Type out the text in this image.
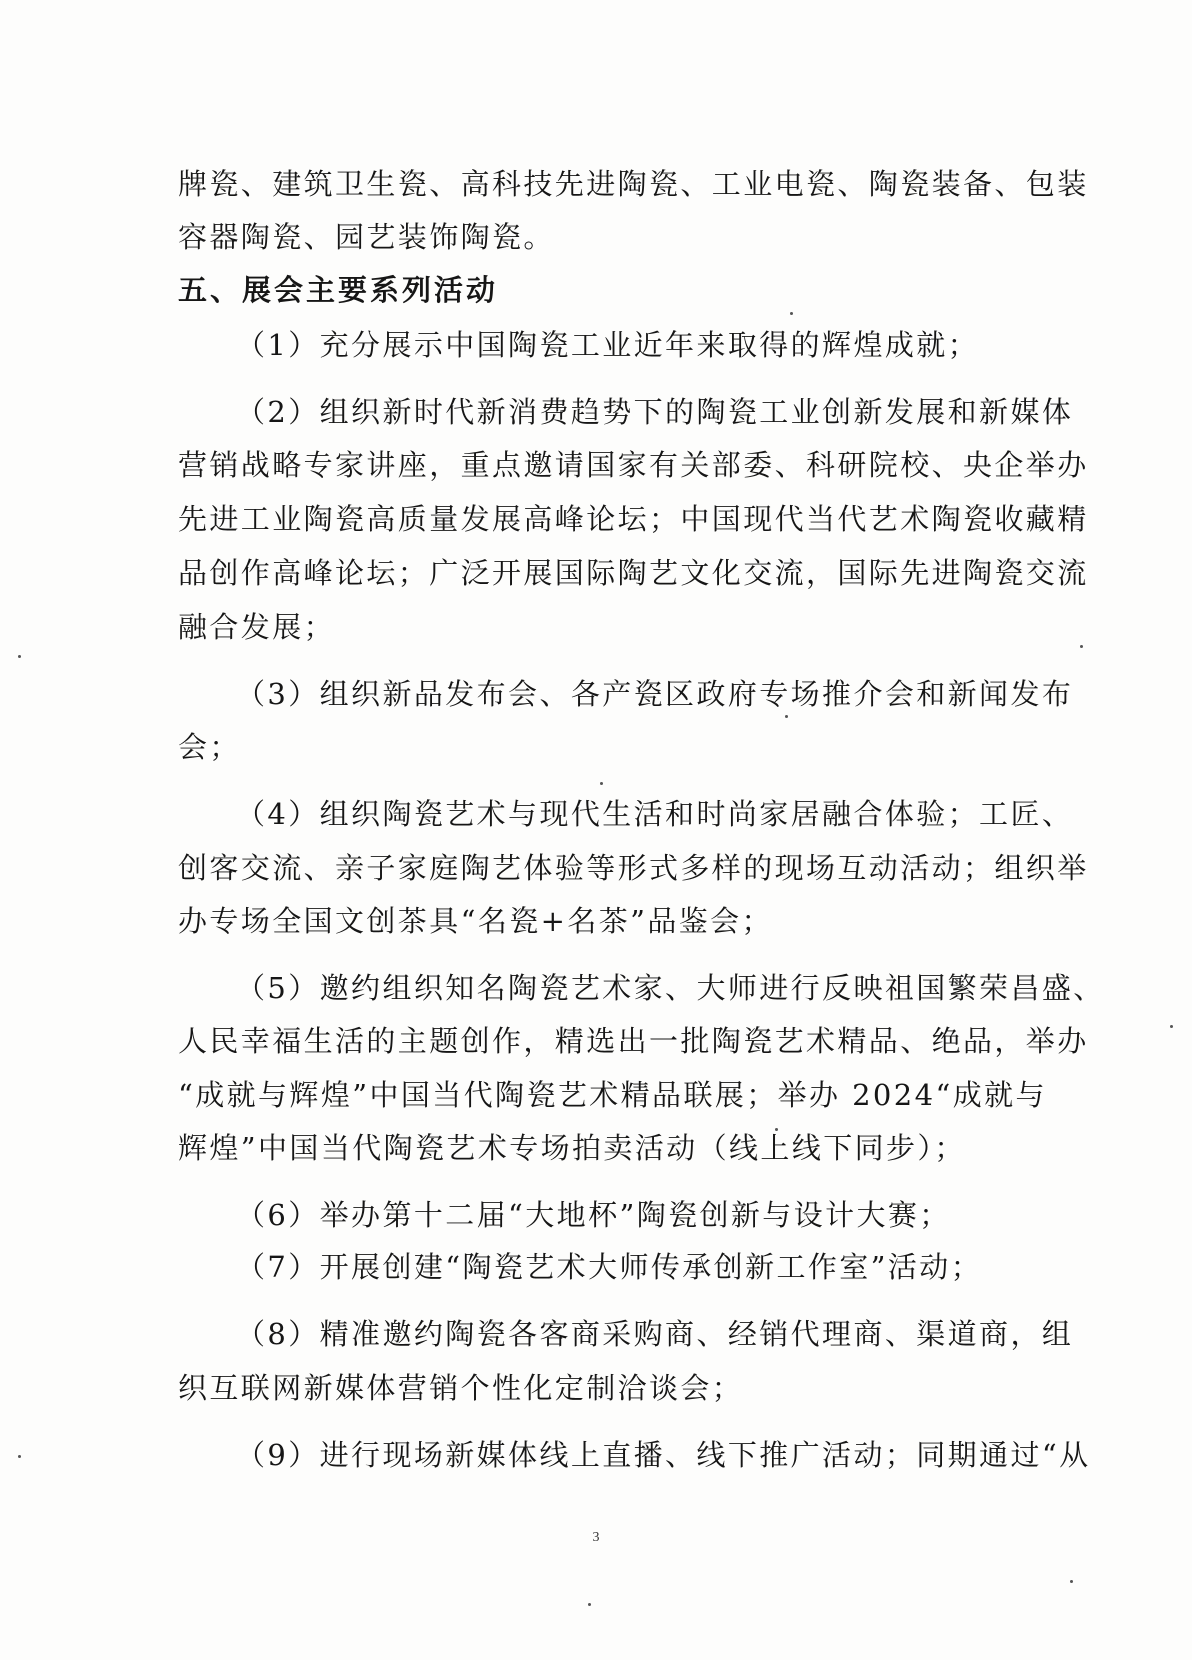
牌瓷、建筑卫生瓷、高科技先进陶瓷、工业电瓷、陶瓷装备、包装
容器陶瓷、园艺装饰陶瓷。
五、展会主要系列活动
（1）充分展示中国陶瓷工业近年来取得的辉煌成就；
（2）组织新时代新消费趋势下的陶瓷工业创新发展和新媒体
营销战略专家讲座，重点邀请国家有关部委、科研院校、央企举办
先进工业陶瓷高质量发展高峰论坛；中国现代当代艺术陶瓷收藏精
品创作高峰论坛；广泛开展国际陶艺文化交流，国际先进陶瓷交流
融合发展；
（3）组织新品发布会、各产瓷区政府专场推介会和新闻发布
会；
（4）组织陶瓷艺术与现代生活和时尚家居融合体验；工匠、
创客交流、亲子家庭陶艺体验等形式多样的现场互动活动；组织举
办专场全国文创茶具“名瓷+名茶”品鉴会；
（5）邀约组织知名陶瓷艺术家、大师进行反映祖国繁荣昌盛、
人民幸福生活的主题创作，精选出一批陶瓷艺术精品、绝品，举办
“成就与辉煌”中国当代陶瓷艺术精品联展；举办 2024“成就与
辉煌”中国当代陶瓷艺术专场拍卖活动（线上线下同步）；
（6）举办第十二届“大地杯”陶瓷创新与设计大赛；
（7）开展创建“陶瓷艺术大师传承创新工作室”活动；
（8）精准邀约陶瓷各客商采购商、经销代理商、渠道商，组
织互联网新媒体营销个性化定制洽谈会；
（9）进行现场新媒体线上直播、线下推广活动；同期通过“从
3
